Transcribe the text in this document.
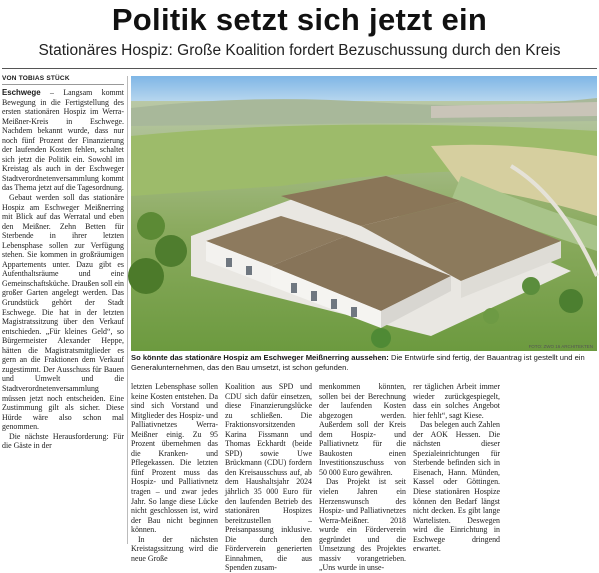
Politik setzt sich jetzt ein
Stationäres Hospiz: Große Koalition fordert Bezuschussung durch den Kreis
VON TOBIAS STÜCK

Eschwege – Langsam kommt Bewegung in die Fertigstellung des ersten stationären Hospiz im Werra-Meißner-Kreis in Eschwege. Nachdem bekannt wurde, dass nur noch fünf Prozent der Finanzierung der laufenden Kosten fehlen, schaltet sich jetzt die Politik ein. Sowohl im Kreistag als auch in der Eschweger Stadtverordnetenversammlung kommt das Thema jetzt auf die Tagesordnung.

Gebaut werden soll das stationäre Hospiz am Eschweger Meißnerring mit Blick auf das Werratal und eben den Meißner. Zehn Betten für Sterbende in ihrer letzten Lebensphase sollen zur Verfügung stehen. Sie kommen in großräumigen Appartements unter. Dazu gibt es Aufenthaltsräume und eine Gemeinschaftsküche. Draußen soll ein großer Garten angelegt werden. Das Grundstück gehört der Stadt Eschwege. Die hat in der letzten Magistratssitzung über den Verkauf entschieden. „Für kleines Geld“, so Bürgermeister Alexander Heppe, hätten die Magistratsmitglieder es gern an die Fraktionen dem Verkauf zugestimmt. Der Ausschuss für Bauen und Umwelt und die Stadtverordnetenversammlung müssen jetzt noch entscheiden. Eine Zustimmung gilt als sicher. Diese Hürde wäre also schon mal genommen.

Die nächste Herausforderung: Für die Gäste in der

FOTO: ZWO 16 ARCHITEKTEN
So könnte das stationäre Hospiz am Eschweger Meißnerring aussehen: Die Entwürfe sind fertig, der Bauantrag ist gestellt und ein Generalunternehmen, das den Bau umsetzt, ist schon gefunden.

letzten Lebensphase sollen keine Kosten entstehen. Da sind sich Vorstand und Mitglieder des Hospiz- und Palliativnetzes Werra-Meißner einig. Zu 95 Prozent übernehmen das die Kranken- und Pflegekassen. Die letzten fünf Prozent muss das Hospiz- und Palliativnetz tragen – und zwar jedes Jahr. So lange diese Lücke nicht geschlossen ist, wird der Bau nicht beginnen können.

In der nächsten Kreistagssitzung wird die neue Große

Koalition aus SPD und CDU sich dafür einsetzen, diese Finanzierungslücke zu schließen. Die Fraktionsvorsitzenden Karina Fissmann und Thomas Eckhardt (beide SPD) sowie Uwe Brückmann (CDU) fordern den Kreisausschuss auf, ab dem Haushaltsjahr 2024 jährlich 35 000 Euro für den laufenden Betrieb des stationären Hospizes bereitzustellen – Preisanpassung inklusive. Die durch den Förderverein generierten Einnahmen, die aus Spenden zusam-

menkommen könnten, sollen bei der Berechnung der laufenden Kosten abgezogen werden. Außerdem soll der Kreis dem Hospiz- und Palliativnetz für die Baukosten einen Investitionszuschuss von 50 000 Euro gewähren.

Das Projekt ist seit vielen Jahren ein Herzenswunsch des Hospiz- und Palliativnetzes Werra-Meißner. 2018 wurde ein Förderverein gegründet und die Umsetzung des Projektes massiv vorangetrieben. „Uns wurde in unse-

rer täglichen Arbeit immer wieder zurückgespiegelt, dass ein solches Angebot hier fehlt“, sagt Kiese.

Das belegen auch Zahlen der AOK Hessen. Die nächsten dieser Spezialeinrichtungen für Sterbende befinden sich in Eisenach, Hann. Münden, Kassel oder Göttingen. Diese stationären Hospize können den Bedarf längst nicht decken. Es gibt lange Wartelisten. Deswegen wird die Einrichtung in Eschwege dringend erwartet.
